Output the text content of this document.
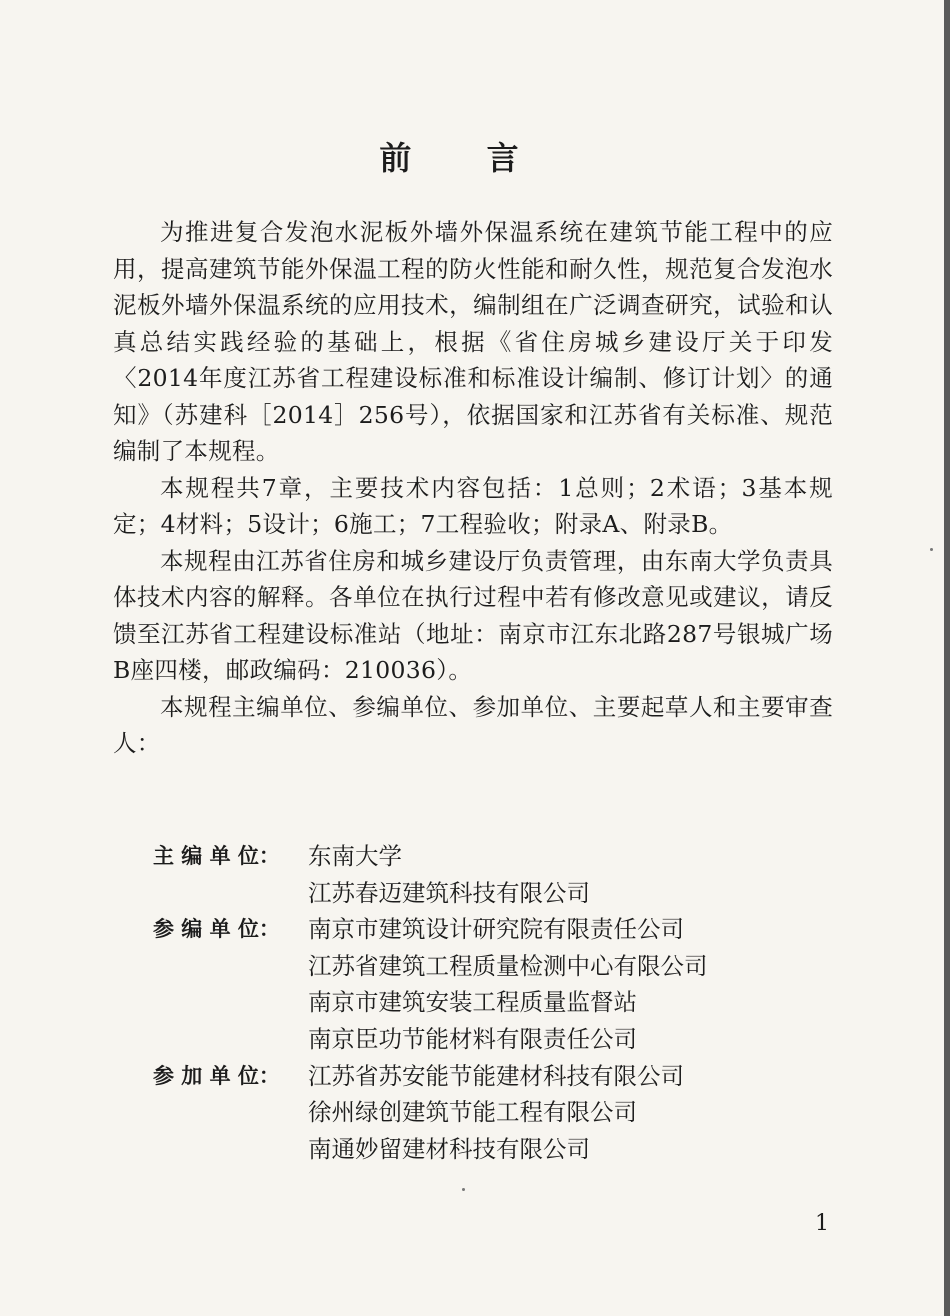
前 言

为推进复合发泡水泥板外墙外保温系统在建筑节能工程中的应用，提高建筑节能外保温工程的防火性能和耐久性，规范复合发泡水泥板外墙外保温系统的应用技术，编制组在广泛调查研究，试验和认真总结实践经验的基础上，根据《省住房城乡建设厅关于印发〈2014年度江苏省工程建设标准和标准设计编制、修订计划〉的通知》（苏建科［2014］256号），依据国家和江苏省有关标准、规范编制了本规程。

本规程共7章，主要技术内容包括：1总则；2术语；3基本规定；4材料；5设计；6施工；7工程验收；附录A、附录B。

本规程由江苏省住房和城乡建设厅负责管理，由东南大学负责具体技术内容的解释。各单位在执行过程中若有修改意见或建议，请反馈至江苏省工程建设标准站（地址：南京市江东北路287号银城广场B座四楼，邮政编码：210036）。

本规程主编单位、参编单位、参加单位、主要起草人和主要审查人：

主 编 单 位：	东南大学
江苏春迈建筑科技有限公司
参 编 单 位：	南京市建筑设计研究院有限责任公司
江苏省建筑工程质量检测中心有限公司
南京市建筑安装工程质量监督站
南京臣功节能材料有限责任公司
参 加 单 位：	江苏省苏安能节能建材科技有限公司
徐州绿创建筑节能工程有限公司
南通妙留建材科技有限公司
1
